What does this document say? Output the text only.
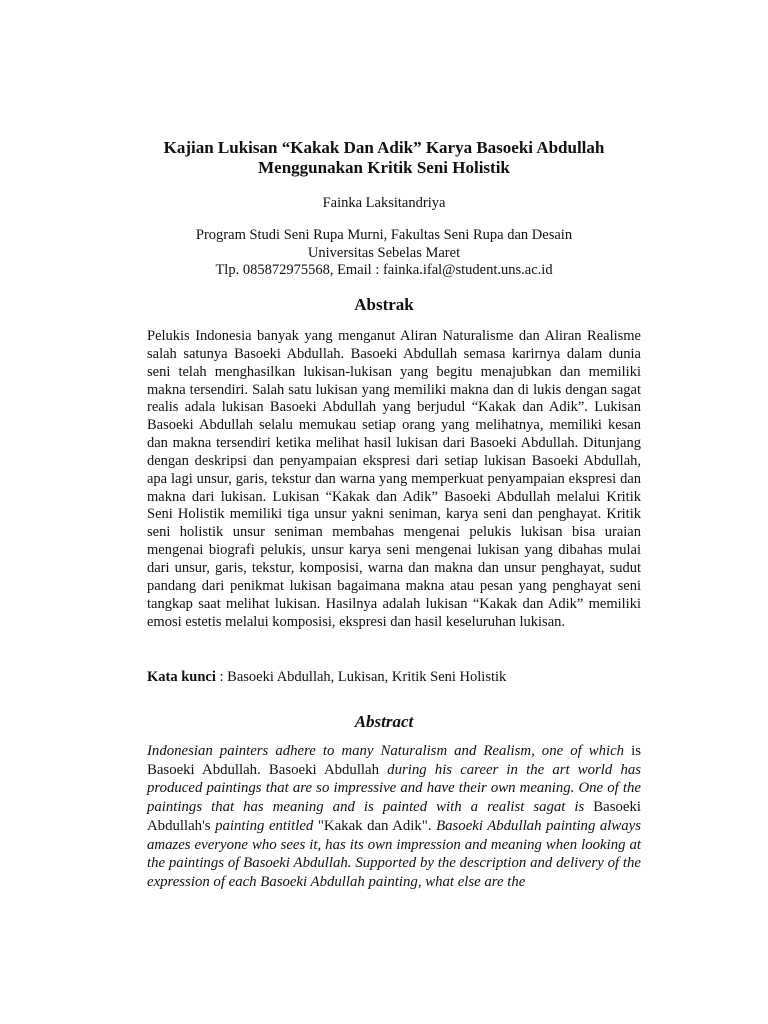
Kajian Lukisan “Kakak Dan Adik” Karya Basoeki Abdullah
Menggunakan Kritik Seni Holistik
Fainka Laksitandriya
Program Studi Seni Rupa Murni, Fakultas Seni Rupa dan Desain
Universitas Sebelas Maret
Tlp. 085872975568, Email : fainka.ifal@student.uns.ac.id
Abstrak
Pelukis Indonesia banyak yang menganut Aliran Naturalisme dan Aliran Realisme salah satunya Basoeki Abdullah. Basoeki Abdullah semasa karirnya dalam dunia seni telah menghasilkan lukisan-lukisan yang begitu menajubkan dan memiliki makna tersendiri. Salah satu lukisan yang memiliki makna dan di lukis dengan sagat realis adala lukisan Basoeki Abdullah yang berjudul “Kakak dan Adik”. Lukisan Basoeki Abdullah selalu memukau setiap orang yang melihatnya, memiliki kesan dan makna tersendiri ketika melihat hasil lukisan dari Basoeki Abdullah. Ditunjang dengan deskripsi dan penyampaian ekspresi dari setiap lukisan Basoeki Abdullah, apa lagi unsur, garis, tekstur dan warna yang memperkuat penyampaian ekspresi dan makna dari lukisan. Lukisan “Kakak dan Adik” Basoeki Abdullah melalui Kritik Seni Holistik memiliki tiga unsur yakni seniman, karya seni dan penghayat. Kritik seni holistik unsur seniman membahas mengenai pelukis lukisan bisa uraian mengenai biografi pelukis, unsur karya seni mengenai lukisan yang dibahas mulai dari unsur, garis, tekstur, komposisi, warna dan makna dan unsur penghayat, sudut pandang dari penikmat lukisan bagaimana makna atau pesan yang penghayat seni tangkap saat melihat lukisan. Hasilnya adalah lukisan “Kakak dan Adik” memiliki emosi estetis melalui komposisi, ekspresi dan hasil keseluruhan lukisan.
Kata kunci : Basoeki Abdullah, Lukisan, Kritik Seni Holistik
Abstract
Indonesian painters adhere to many Naturalism and Realism, one of which is Basoeki Abdullah. Basoeki Abdullah during his career in the art world has produced paintings that are so impressive and have their own meaning. One of the paintings that has meaning and is painted with a realist sagat is Basoeki Abdullah's painting entitled "Kakak dan Adik". Basoeki Abdullah painting always amazes everyone who sees it, has its own impression and meaning when looking at the paintings of Basoeki Abdullah. Supported by the description and delivery of the expression of each Basoeki Abdullah painting, what else are the
